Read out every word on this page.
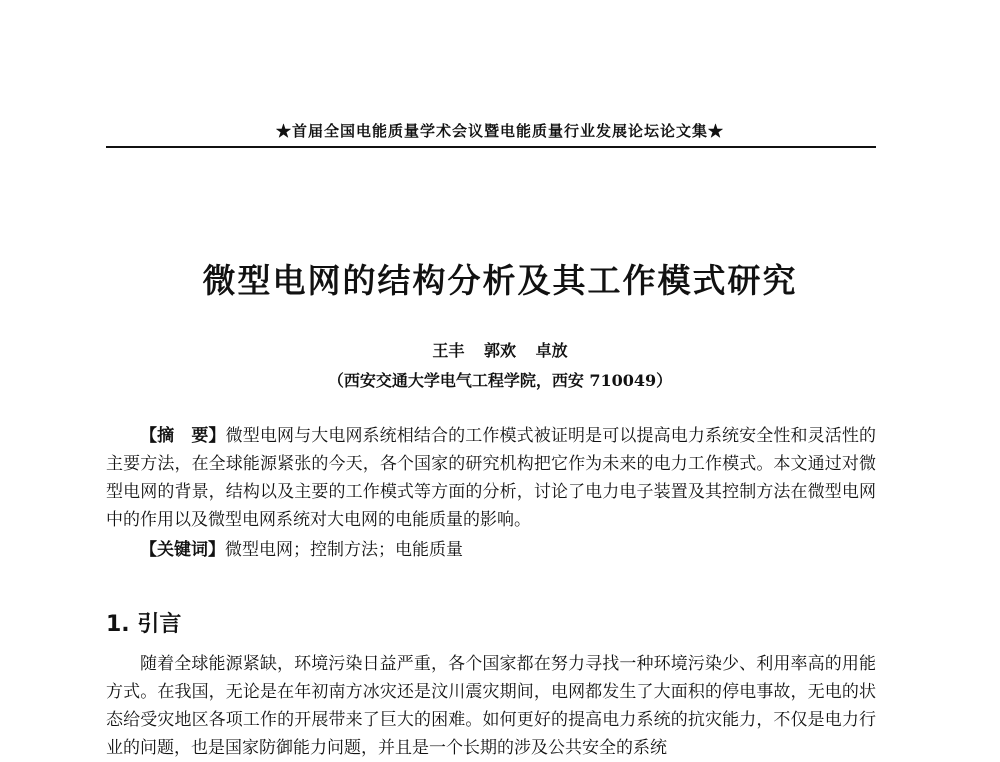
★首届全国电能质量学术会议暨电能质量行业发展论坛论文集★
微型电网的结构分析及其工作模式研究
王丰 郭欢 卓放
（西安交通大学电气工程学院，西安 710049）
【摘　要】微型电网与大电网系统相结合的工作模式被证明是可以提高电力系统安全性和灵活性的主要方法，在全球能源紧张的今天，各个国家的研究机构把它作为未来的电力工作模式。本文通过对微型电网的背景，结构以及主要的工作模式等方面的分析，讨论了电力电子装置及其控制方法在微型电网中的作用以及微型电网系统对大电网的电能质量的影响。
【关键词】微型电网；控制方法；电能质量
1. 引言
随着全球能源紧缺，环境污染日益严重，各个国家都在努力寻找一种环境污染少、利用率高的用能方式。在我国，无论是在年初南方冰灾还是汶川震灾期间，电网都发生了大面积的停电事故，无电的状态给受灾地区各项工作的开展带来了巨大的困难。如何更好的提高电力系统的抗灾能力，不仅是电力行业的问题，也是国家防御能力问题，并且是一个长期的涉及公共安全的系统
